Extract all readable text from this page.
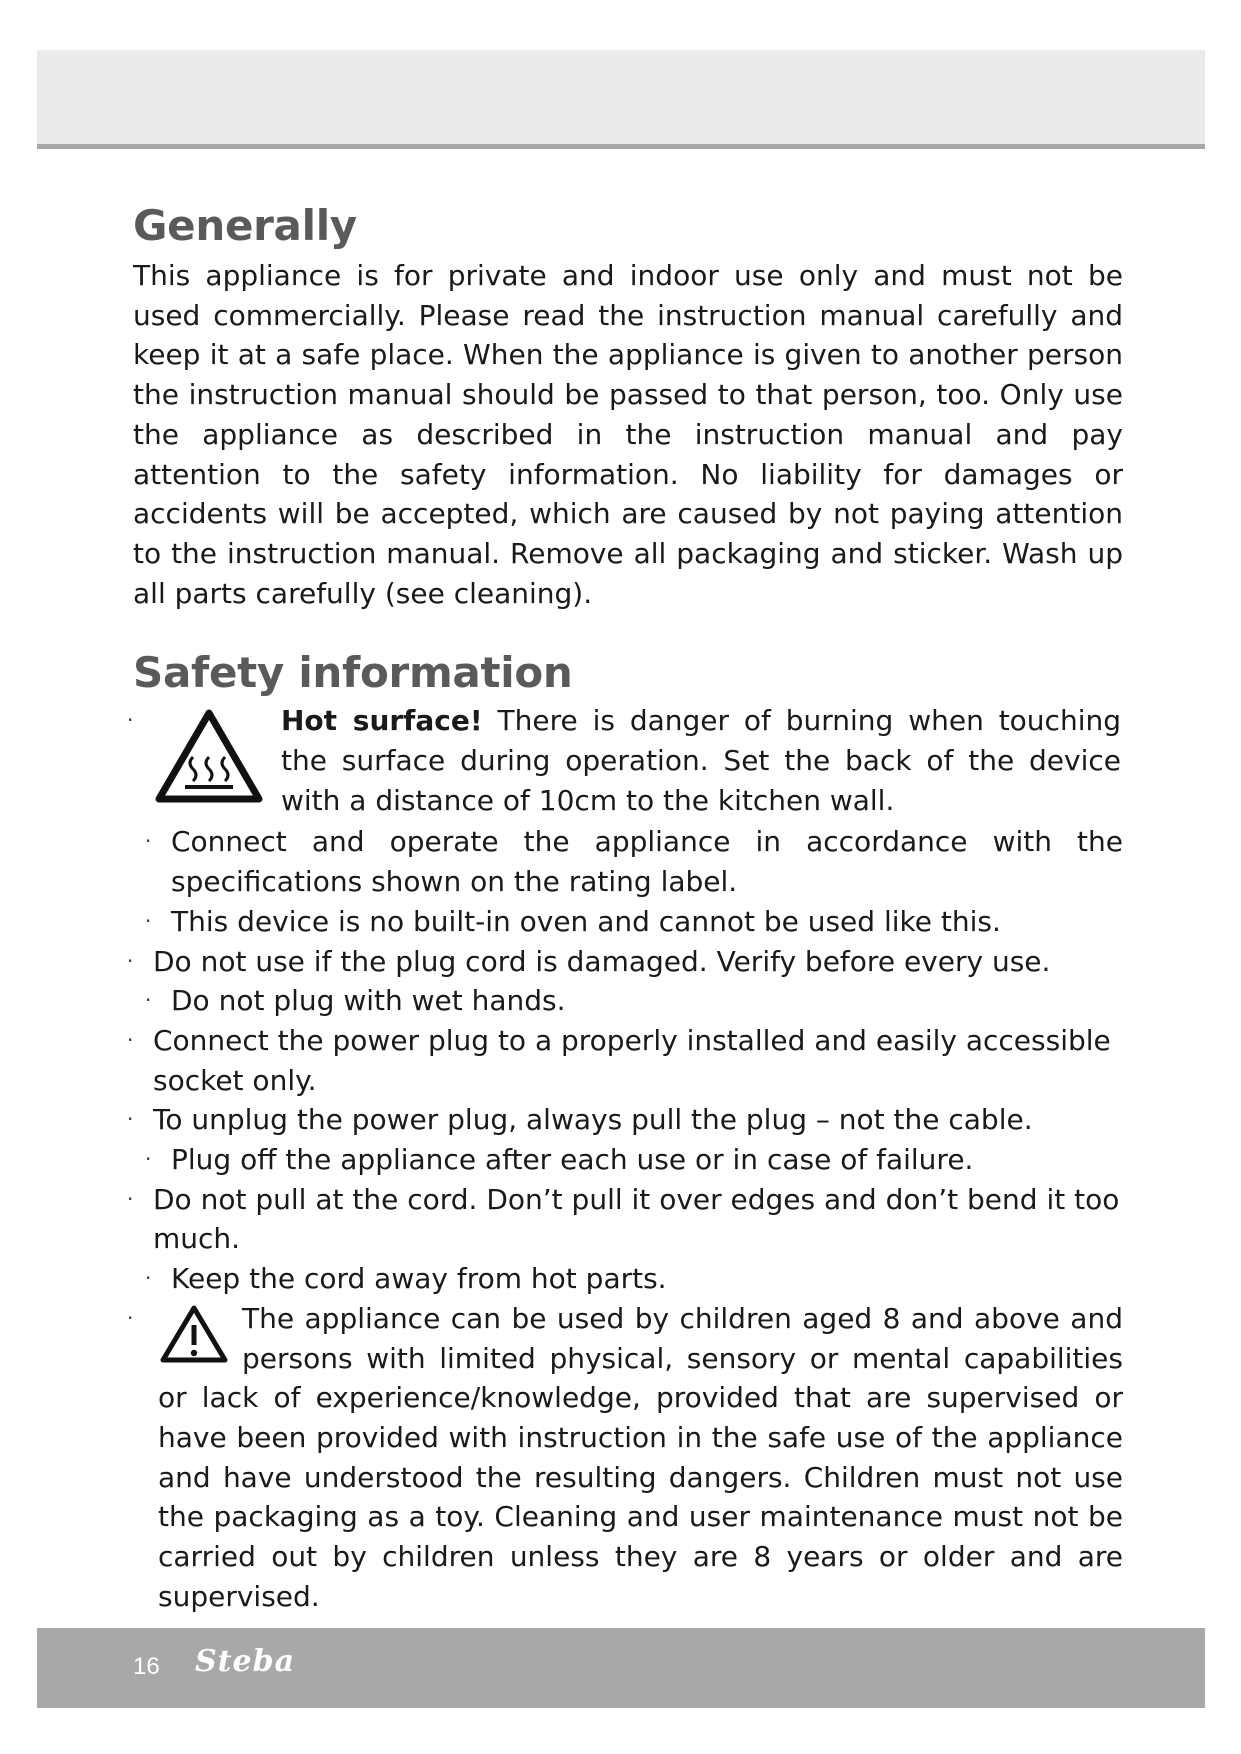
Generally

This appliance is for private and indoor use only and must not be used commercially. Please read the instruction manual carefully and keep it at a safe place. When the appliance is given to another person the instruction manual should be passed to that person, too. Only use the appliance as described in the instruction manual and pay attention to the safety information. No liability for damages or accidents will be accepted, which are caused by not paying attention to the instruction manual. Remove all packaging and sticker. Wash up all parts carefully (see cleaning).

Safety information
·	Hot surface! There is danger of burning when touching the surface during operation. Set the back of the device with a distance of 10cm to the kitchen wall.
· Connect and operate the appliance in accordance with the specifications shown on the rating label.
· This device is no built-in oven and cannot be used like this.
· Do not use if the plug cord is damaged. Verify before every use.
· Do not plug with wet hands.
· Connect the power plug to a properly installed and easily accessible socket only.
· To unplug the power plug, always pull the plug – not the cable.
· Plug off the appliance after each use or in case of failure.
· Do not pull at the cord. Don’t pull it over edges and don’t bend it too much.
· Keep the cord away from hot parts.
·	The appliance can be used by children aged 8 and above and persons with limited physical, sensory or mental capabilities or lack of experience/knowledge, provided that are supervised or have been provided with instruction in the safe use of the appliance and have understood the resulting dangers. Children must not use the packaging as a toy. Cleaning and user maintenance must not be carried out by children unless they are 8 years or older and are supervised.
16 Steba
